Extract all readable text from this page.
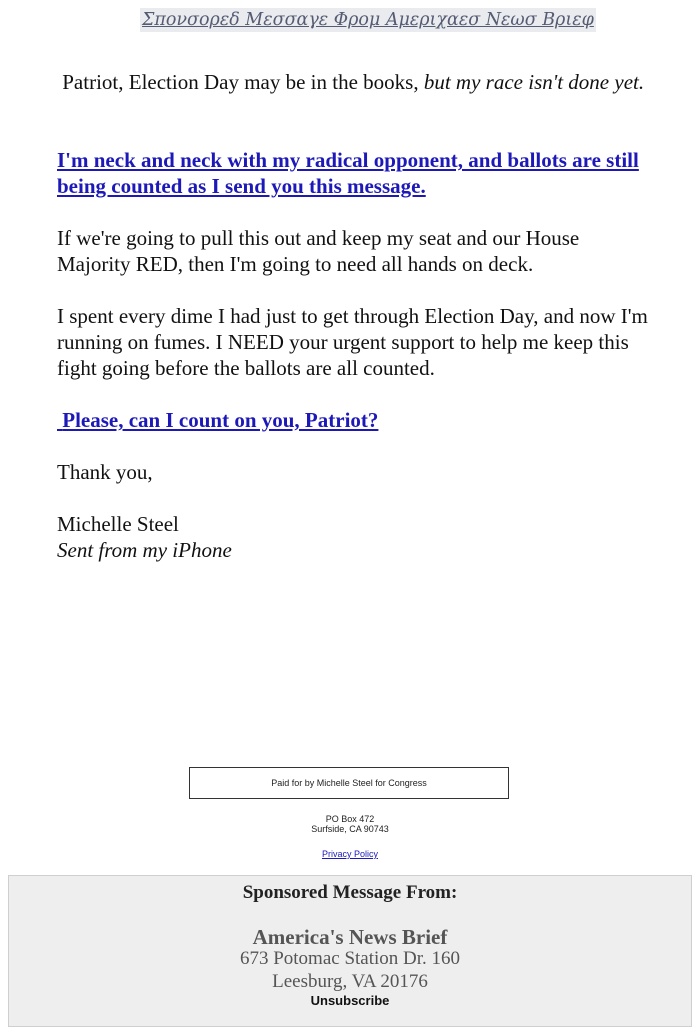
Σπονσορεδ Μεσσαγε Φρομ Αμεριχαεσ Νεωσ Βριεφ
Patriot, Election Day may be in the books, but my race isn't done yet.
I'm neck and neck with my radical opponent, and ballots are still being counted as I send you this message.
If we're going to pull this out and keep my seat and our House Majority RED, then I'm going to need all hands on deck.
I spent every dime I had just to get through Election Day, and now I'm running on fumes. I NEED your urgent support to help me keep this fight going before the ballots are all counted.
Please, can I count on you, Patriot?
Thank you,
Michelle Steel
Sent from my iPhone
Paid for by Michelle Steel for Congress
PO Box 472
Surfside, CA 90743
Privacy Policy
Sponsored Message From:
America's News Brief
673 Potomac Station Dr. 160
Leesburg, VA 20176
Unsubscribe
